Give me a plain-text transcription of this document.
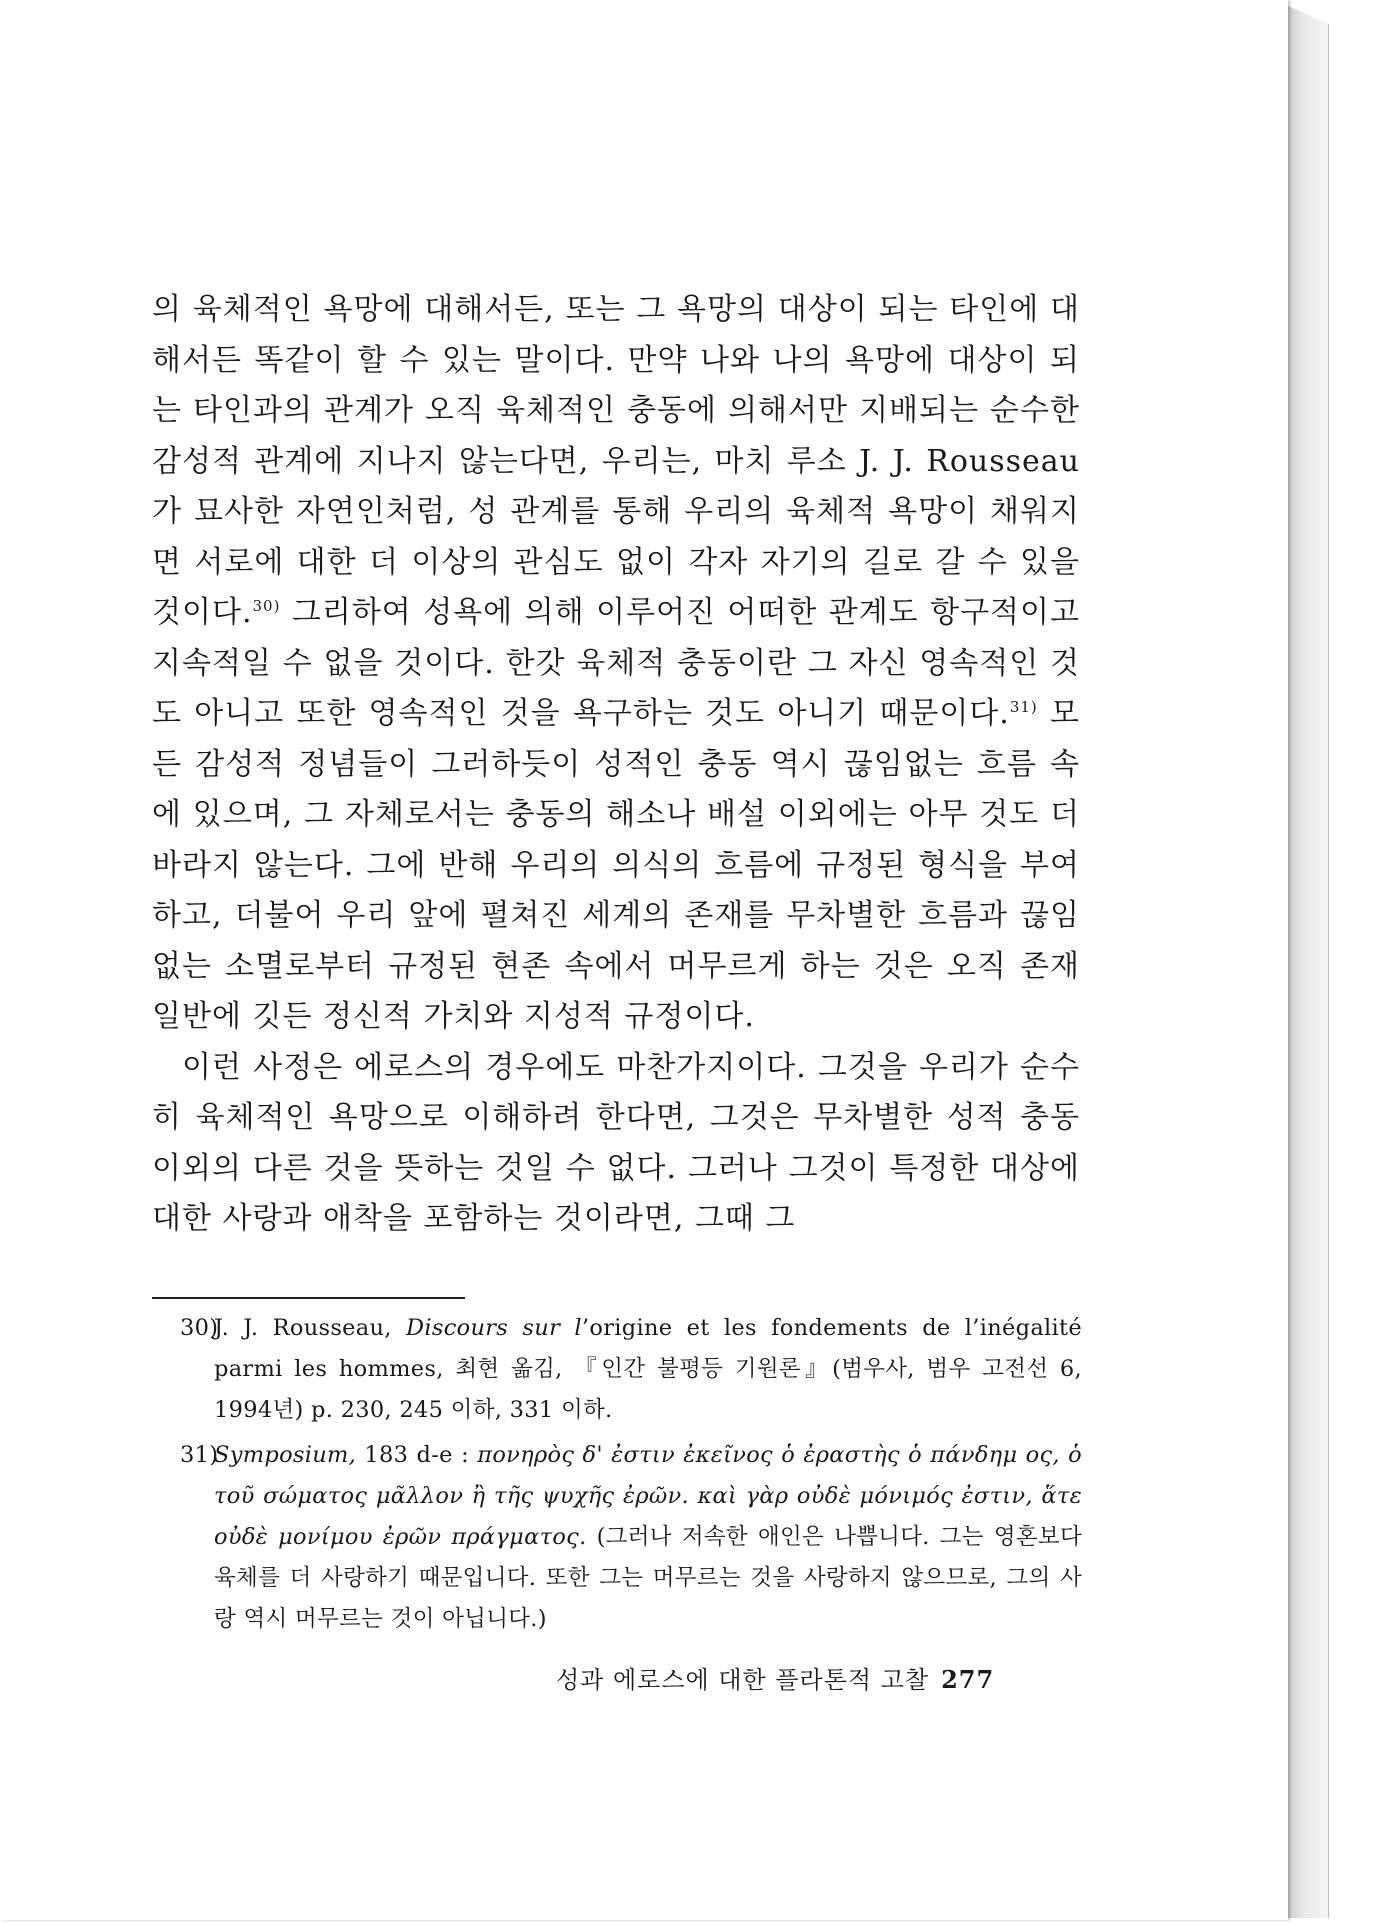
의 육체적인 욕망에 대해서든, 또는 그 욕망의 대상이 되는 타인에 대해서든 똑같이 할 수 있는 말이다. 만약 나와 나의 욕망에 대상이 되는 타인과의 관계가 오직 육체적인 충동에 의해서만 지배되는 순수한 감성적 관계에 지나지 않는다면, 우리는, 마치 루소 J. J. Rousseau 가 묘사한 자연인처럼, 성 관계를 통해 우리의 육체적 욕망이 채워지면 서로에 대한 더 이상의 관심도 없이 각자 자기의 길로 갈 수 있을 것이다.$^{30)}$ 그리하여 성욕에 의해 이루어진 어떠한 관계도 항구적이고 지속적일 수 없을 것이다. 한갓 육체적 충동이란 그 자신 영속적인 것도 아니고 또한 영속적인 것을 욕구하는 것도 아니기 때문이다.$^{31)}$ 모든 감성적 정념들이 그러하듯이 성적인 충동 역시 끊임없는 흐름 속에 있으며, 그 자체로서는 충동의 해소나 배설 이외에는 아무 것도 더 바라지 않는다. 그에 반해 우리의 의식의 흐름에 규정된 형식을 부여하고, 더불어 우리 앞에 펼쳐진 세계의 존재를 무차별한 흐름과 끊임없는 소멸로부터 규정된 현존 속에서 머무르게 하는 것은 오직 존재 일반에 깃든 정신적 가치와 지성적 규정이다.

이런 사정은 에로스의 경우에도 마찬가지이다. 그것을 우리가 순수히 육체적인 욕망으로 이해하려 한다면, 그것은 무차별한 성적 충동 이외의 다른 것을 뜻하는 것일 수 없다. 그러나 그것이 특정한 대상에 대한 사랑과 애착을 포함하는 것이라면, 그때 그

30)
J. J. Rousseau, Discours sur l’origine et les fondements de l’inégalité parmi les hommes, 최현 옮김, 『인간 불평등 기원론』(범우사, 범우 고전선 6, 1994년) p. 230, 245 이하, 331 이하.
31)
Symposium, 183 d-e : πονηρὸς δ' ἐστιν ἐκεῖνος ὁ ἐραστὴς ὁ πάνδημ ος, ὁ τοῦ σώματος μᾶλλον ἢ τῆς ψυχῆς ἐρῶν. καὶ γὰρ οὐδὲ μόνιμός ἐστιν, ἅτε οὐδὲ μονίμου ἐρῶν πράγματος. (그러나 저속한 애인은 나쁩니다. 그는 영혼보다 육체를 더 사랑하기 때문입니다. 또한 그는 머무르는 것을 사랑하지 않으므로, 그의 사랑 역시 머무르는 것이 아닙니다.)
성과 에로스에 대한 플라톤적 고찰 277
